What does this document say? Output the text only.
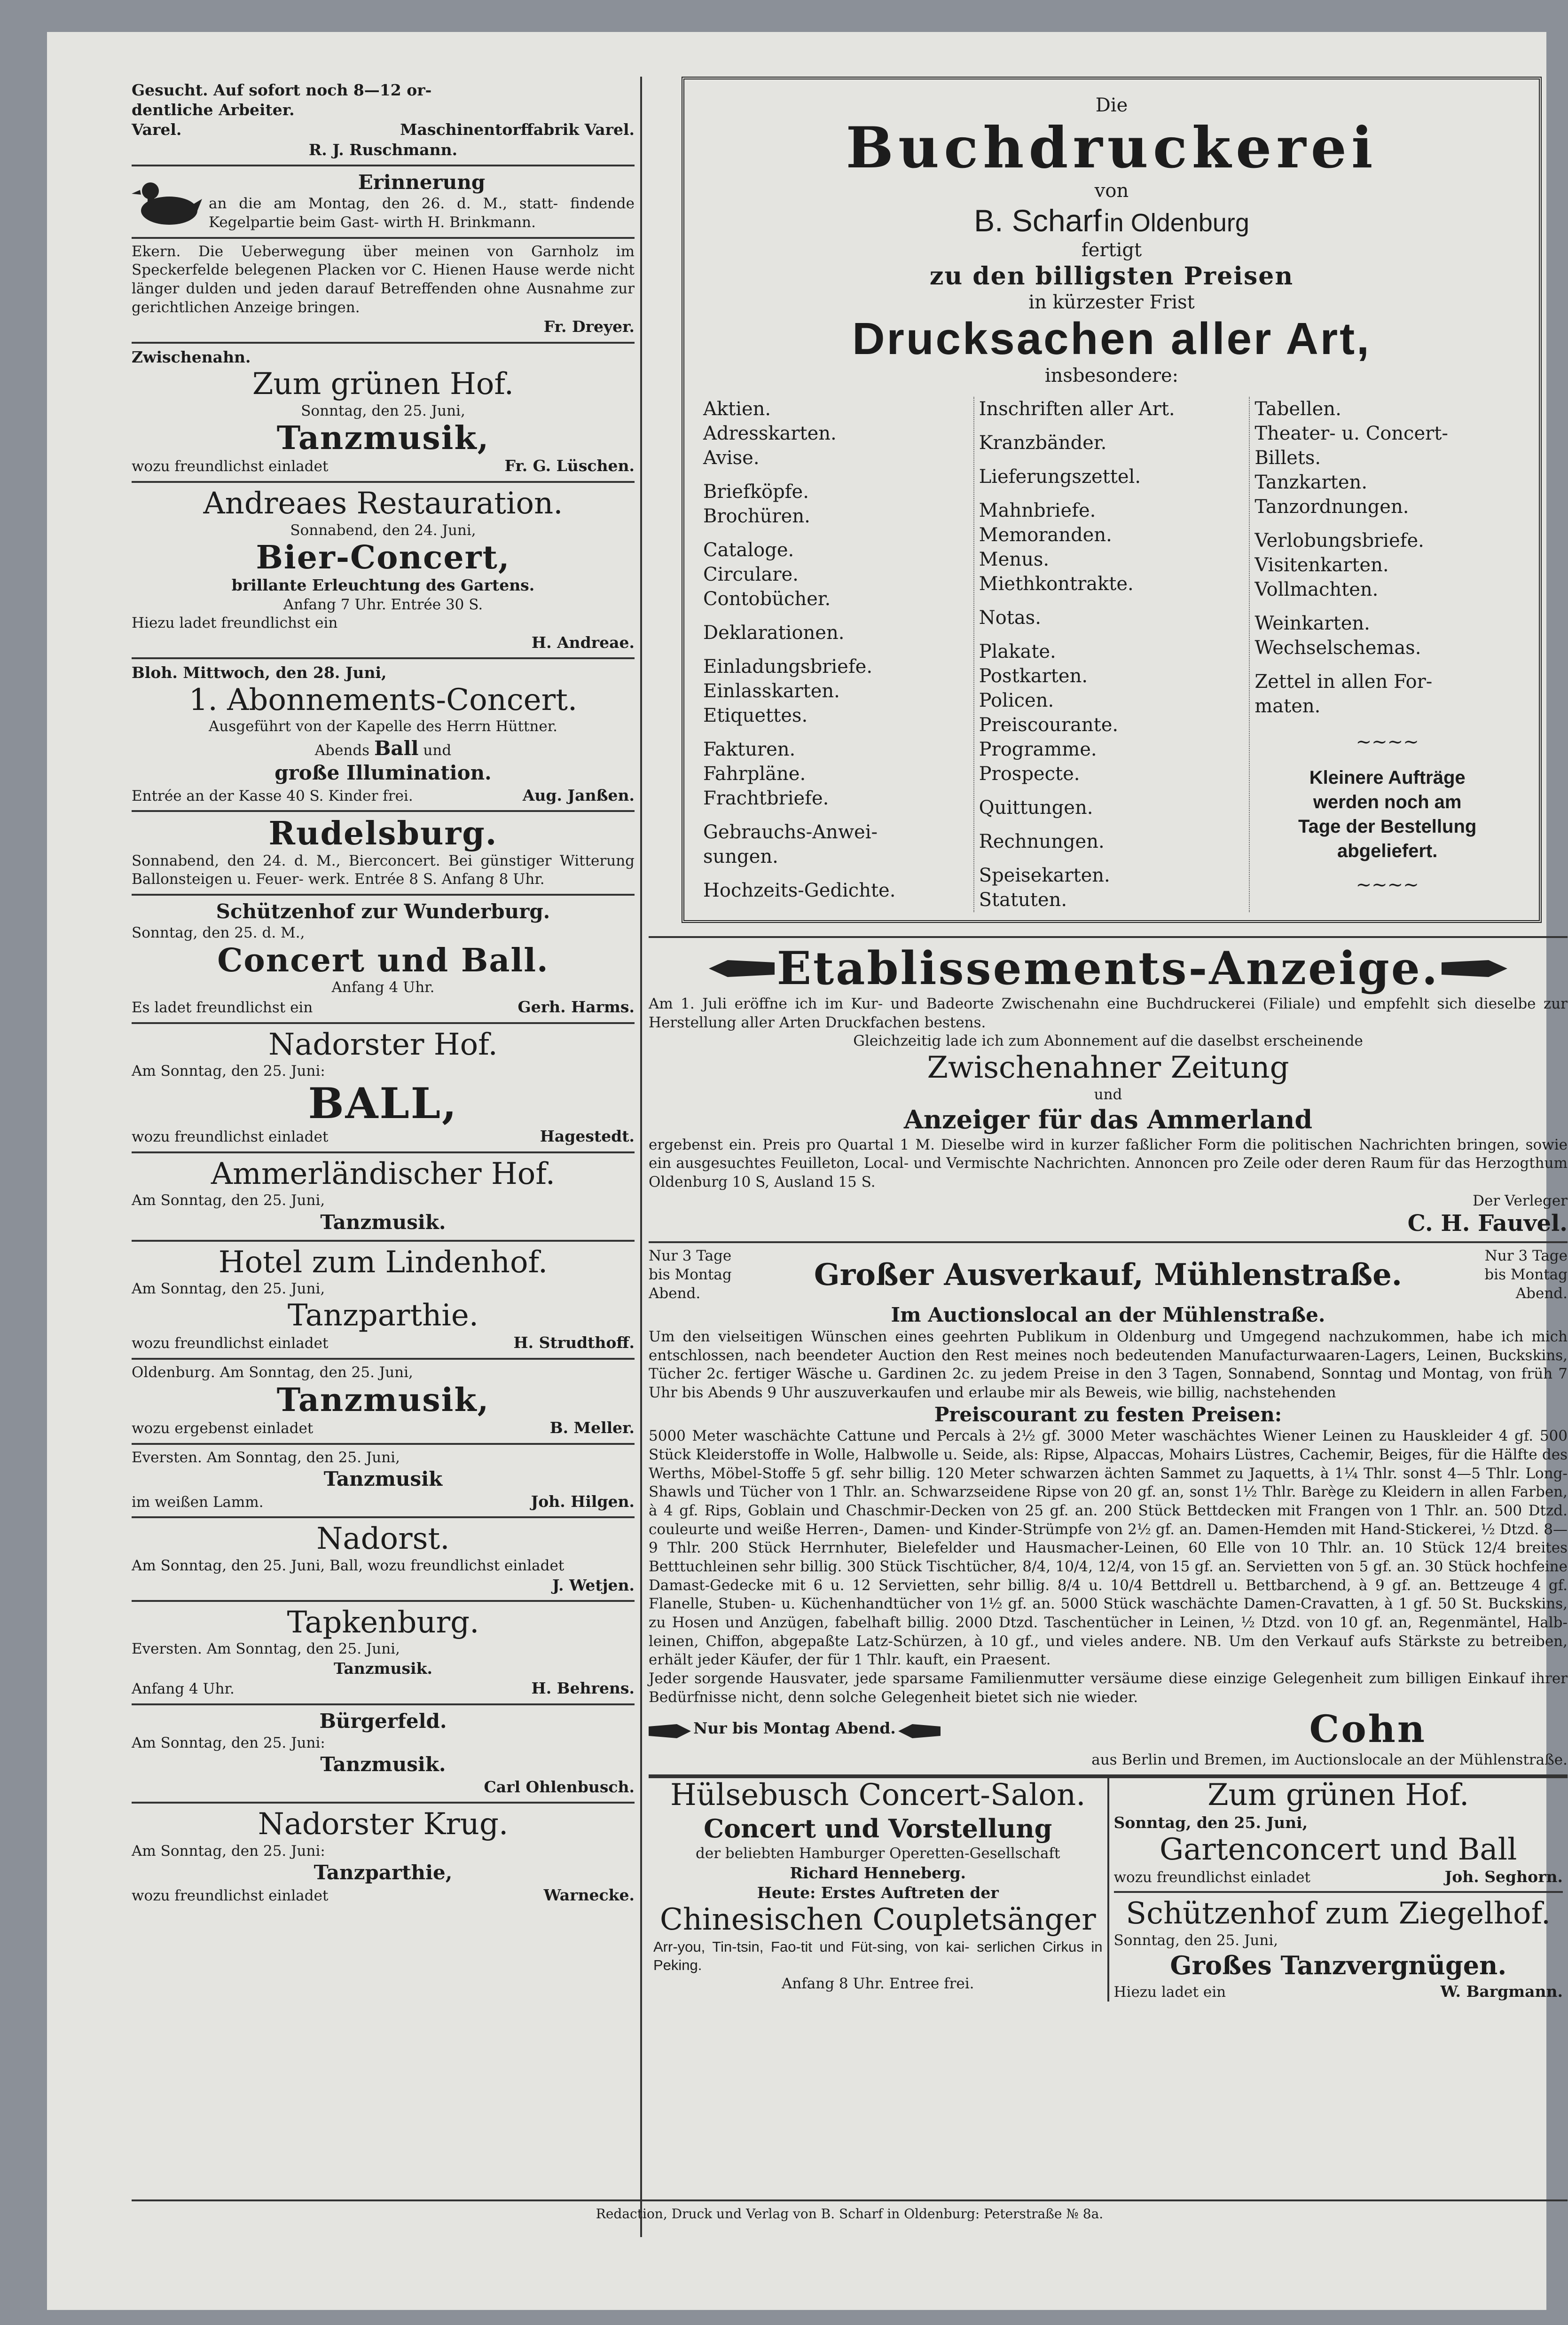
Gesucht. Auf sofort noch 8—12 or-
dentliche Arbeiter.
Varel.	Maschinentorffabrik Varel.
R. J. Ruschmann.
Erinnerung
an die am Montag, den 26. d. M., statt- findende Kegelpartie beim Gast- wirth H. Brinkmann.
Ekern. Die Ueberwegung über meinen von Garnholz im Speckerfelde belegenen Placken vor C. Hienen Hause werde nicht länger dulden und jeden darauf Betreffenden ohne Ausnahme zur gerichtlichen Anzeige bringen.
Fr. Dreyer.
Zwischenahn.
Zum grünen Hof.
Sonntag, den 25. Juni,
Tanzmusik,
wozu freundlichst einladet	Fr. G. Lüschen.
Andreaes Restauration.
Sonnabend, den 24. Juni,
Bier-Concert,
brillante Erleuchtung des Gartens.
Anfang 7 Uhr. Entrée 30 S.
Hiezu ladet freundlichst ein
H. Andreae.
Bloh. Mittwoch, den 28. Juni,
1. Abonnements-Concert.
Ausgeführt von der Kapelle des Herrn Hüttner.
Abends Ball und
große Illumination.
Entrée an der Kasse 40 S. Kinder frei.	Aug. Janßen.
Rudelsburg.
Sonnabend, den 24. d. M., Bierconcert. Bei günstiger Witterung Ballonsteigen u. Feuer- werk. Entrée 8 S. Anfang 8 Uhr.
Schützenhof zur Wunderburg.
Sonntag, den 25. d. M.,
Concert und Ball.
Anfang 4 Uhr.
Es ladet freundlichst ein	Gerh. Harms.
Nadorster Hof.
Am Sonntag, den 25. Juni:
BALL,
wozu freundlichst einladet	Hagestedt.
Ammerländischer Hof.
Am Sonntag, den 25. Juni,
Tanzmusik.
Hotel zum Lindenhof.
Am Sonntag, den 25. Juni,
Tanzparthie.
wozu freundlichst einladet	H. Strudthoff.
Oldenburg. Am Sonntag, den 25. Juni,
Tanzmusik,
wozu ergebenst einladet	B. Meller.
Eversten. Am Sonntag, den 25. Juni,
Tanzmusik
im weißen Lamm.	Joh. Hilgen.
Nadorst.
Am Sonntag, den 25. Juni, Ball, wozu freundlichst einladet
J. Wetjen.
Tapkenburg.
Eversten. Am Sonntag, den 25. Juni,
Tanzmusik.
Anfang 4 Uhr.	H. Behrens.
Bürgerfeld.
Am Sonntag, den 25. Juni:
Tanzmusik.
Carl Ohlenbusch.
Nadorster Krug.
Am Sonntag, den 25. Juni:
Tanzparthie,
wozu freundlichst einladet	Warnecke.
Die
Buchdruckerei
von
B. Scharf in Oldenburg
fertigt
zu den billigsten Preisen
in kürzester Frist
Drucksachen aller Art,
insbesondere:
Aktien.
Adresskarten.
Avise.
Briefköpfe.
Brochüren.
Cataloge.
Circulare.
Contobücher.
Deklarationen.
Einladungsbriefe.
Einlasskarten.
Etiquettes.
Fakturen.
Fahrpläne.
Frachtbriefe.
Gebrauchs-Anwei-
sungen.
Hochzeits-Gedichte.
Inschriften aller Art.
Kranzbänder.
Lieferungszettel.
Mahnbriefe.
Memoranden.
Menus.
Miethkontrakte.
Notas.
Plakate.
Postkarten.
Policen.
Preiscourante.
Programme.
Prospecte.
Quittungen.
Rechnungen.
Speisekarten.
Statuten.
Tabellen.
Theater- u. Concert-
Billets.
Tanzkarten.
Tanzordnungen.
Verlobungsbriefe.
Visitenkarten.
Vollmachten.
Weinkarten.
Wechselschemas.
Zettel in allen For-
maten.
~~~~
Kleinere Aufträge
werden noch am
Tage der Bestellung
abgeliefert.
~~~~
Etablissements-Anzeige.
Am 1. Juli eröffne ich im Kur- und Badeorte Zwischenahn eine Buchdruckerei (Filiale) und empfehlt sich dieselbe zur Herstellung aller Arten Druckfachen bestens.
Gleichzeitig lade ich zum Abonnement auf die daselbst erscheinende
Zwischenahner Zeitung
und
Anzeiger für das Ammerland
ergebenst ein. Preis pro Quartal 1 M. Dieselbe wird in kurzer faßlicher Form die politischen Nachrichten bringen, sowie ein ausgesuchtes Feuilleton, Local- und Vermischte Nachrichten. Annoncen pro Zeile oder deren Raum für das Herzogthum Oldenburg 10 S, Ausland 15 S.
Der Verleger
C. H. Fauvel.
Nur 3 Tage bis Montag Abend.
Großer Ausverkauf, Mühlenstraße.
Nur 3 Tage bis Montag Abend.
Im Auctionslocal an der Mühlenstraße.
Um den vielseitigen Wünschen eines geehrten Publikum in Oldenburg und Umgegend nachzukommen, habe ich mich entschlossen, nach beendeter Auction den Rest meines noch bedeutenden Manufacturwaaren-Lagers, Leinen, Buckskins, Tücher 2c. fertiger Wäsche u. Gardinen 2c. zu jedem Preise in den 3 Tagen, Sonnabend, Sonntag und Montag, von früh 7 Uhr bis Abends 9 Uhr auszuverkaufen und erlaube mir als Beweis, wie billig, nachstehenden
Preiscourant zu festen Preisen:
5000 Meter waschächte Cattune und Percals à 2½ gf. 3000 Meter waschächtes Wiener Leinen zu Hauskleider 4 gf. 500 Stück Kleiderstoffe in Wolle, Halbwolle u. Seide, als: Ripse, Alpaccas, Mohairs Lüstres, Cachemir, Beiges, für die Hälfte des Werths, Möbel-Stoffe 5 gf. sehr billig. 120 Meter schwarzen ächten Sammet zu Jaquetts, à 1¼ Thlr. sonst 4—5 Thlr. Long-Shawls und Tücher von 1 Thlr. an. Schwarzseidene Ripse von 20 gf. an, sonst 1½ Thlr. Barège zu Kleidern in allen Farben, à 4 gf. Rips, Goblain und Chaschmir-Decken von 25 gf. an. 200 Stück Bettdecken mit Frangen von 1 Thlr. an. 500 Dtzd. couleurte und weiße Herren-, Damen- und Kinder-Strümpfe von 2½ gf. an. Damen-Hemden mit Hand-Stickerei, ½ Dtzd. 8—9 Thlr. 200 Stück Herrnhuter, Bielefelder und Hausmacher-Leinen, 60 Elle von 10 Thlr. an. 10 Stück 12/4 breites Betttuchleinen sehr billig. 300 Stück Tischtücher, 8/4, 10/4, 12/4, von 15 gf. an. Servietten von 5 gf. an. 30 Stück hochfeine Damast-Gedecke mit 6 u. 12 Servietten, sehr billig. 8/4 u. 10/4 Bettdrell u. Bettbarchend, à 9 gf. an. Bettzeuge 4 gf. Flanelle, Stuben- u. Küchenhandtücher von 1½ gf. an. 5000 Stück waschächte Damen-Cravatten, à 1 gf. 50 St. Buckskins, zu Hosen und Anzügen, fabelhaft billig. 2000 Dtzd. Taschentücher in Leinen, ½ Dtzd. von 10 gf. an, Regenmäntel, Halb- leinen, Chiffon, abgepaßte Latz-Schürzen, à 10 gf., und vieles andere. NB. Um den Verkauf aufs Stärkste zu betreiben, erhält jeder Käufer, der für 1 Thlr. kauft, ein Praesent.
Jeder sorgende Hausvater, jede sparsame Familienmutter versäume diese einzige Gelegenheit zum billigen Einkauf ihrer Bedürfnisse nicht, denn solche Gelegenheit bietet sich nie wieder.
Nur bis Montag Abend.	Cohn
aus Berlin und Bremen, im Auctionslocale an der Mühlenstraße.
Hülsebusch Concert-Salon.
Concert und Vorstellung
der beliebten Hamburger Operetten-Gesellschaft
Richard Henneberg.
Heute: Erstes Auftreten der
Chinesischen Coupletsänger
Arr-you, Tin-tsin, Fao-tit und Füt-sing, von kai- serlichen Cirkus in Peking.
Anfang 8 Uhr. Entree frei.
Zum grünen Hof.
Sonntag, den 25. Juni,
Gartenconcert und Ball
wozu freundlichst einladet	Joh. Seghorn.
Schützenhof zum Ziegelhof.
Sonntag, den 25. Juni,
Großes Tanzvergnügen.
Hiezu ladet ein	W. Bargmann.
Redaction, Druck und Verlag von B. Scharf in Oldenburg: Peterstraße № 8a.
